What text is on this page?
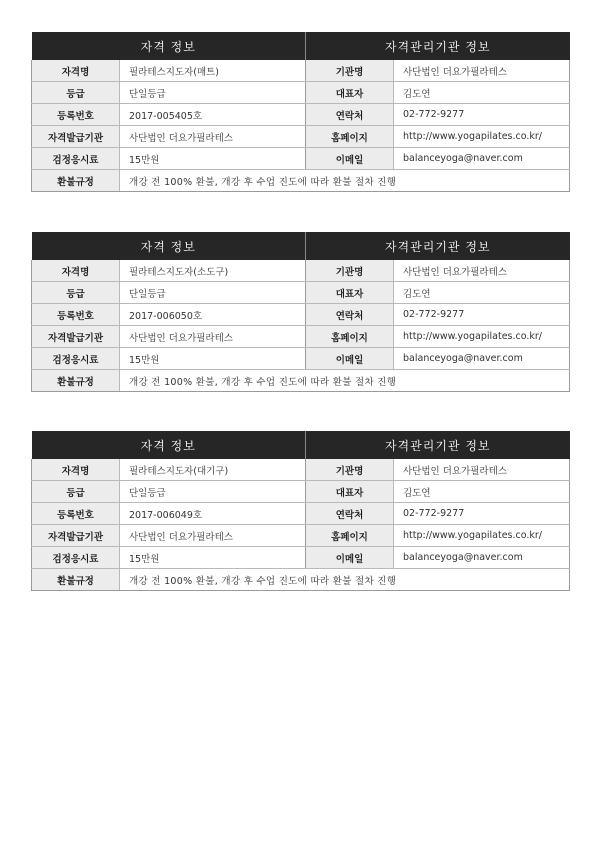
자격 정보		자격관리기관 정보	
자격명	필라테스지도자(매트)	기관명	사단법인 더요가필라테스
등급	단일등급	대표자	김도연
등록번호	2017-005405호	연락처	02-772-9277
자격발급기관	사단법인 더요가필라테스	홈페이지	http://www.yogapilates.co.kr/
검정응시료	15만원	이메일	balanceyoga@naver.com
환불규정	개강 전 100% 환불, 개강 후 수업 진도에 따라 환불 절차 진행		
자격 정보		자격관리기관 정보	
자격명	필라테스지도자(소도구)	기관명	사단법인 더요가필라테스
등급	단일등급	대표자	김도연
등록번호	2017-006050호	연락처	02-772-9277
자격발급기관	사단법인 더요가필라테스	홈페이지	http://www.yogapilates.co.kr/
검정응시료	15만원	이메일	balanceyoga@naver.com
환불규정	개강 전 100% 환불, 개강 후 수업 진도에 따라 환불 절차 진행		
자격 정보		자격관리기관 정보	
자격명	필라테스지도자(대기구)	기관명	사단법인 더요가필라테스
등급	단일등급	대표자	김도연
등록번호	2017-006049호	연락처	02-772-9277
자격발급기관	사단법인 더요가필라테스	홈페이지	http://www.yogapilates.co.kr/
검정응시료	15만원	이메일	balanceyoga@naver.com
환불규정	개강 전 100% 환불, 개강 후 수업 진도에 따라 환불 절차 진행		
